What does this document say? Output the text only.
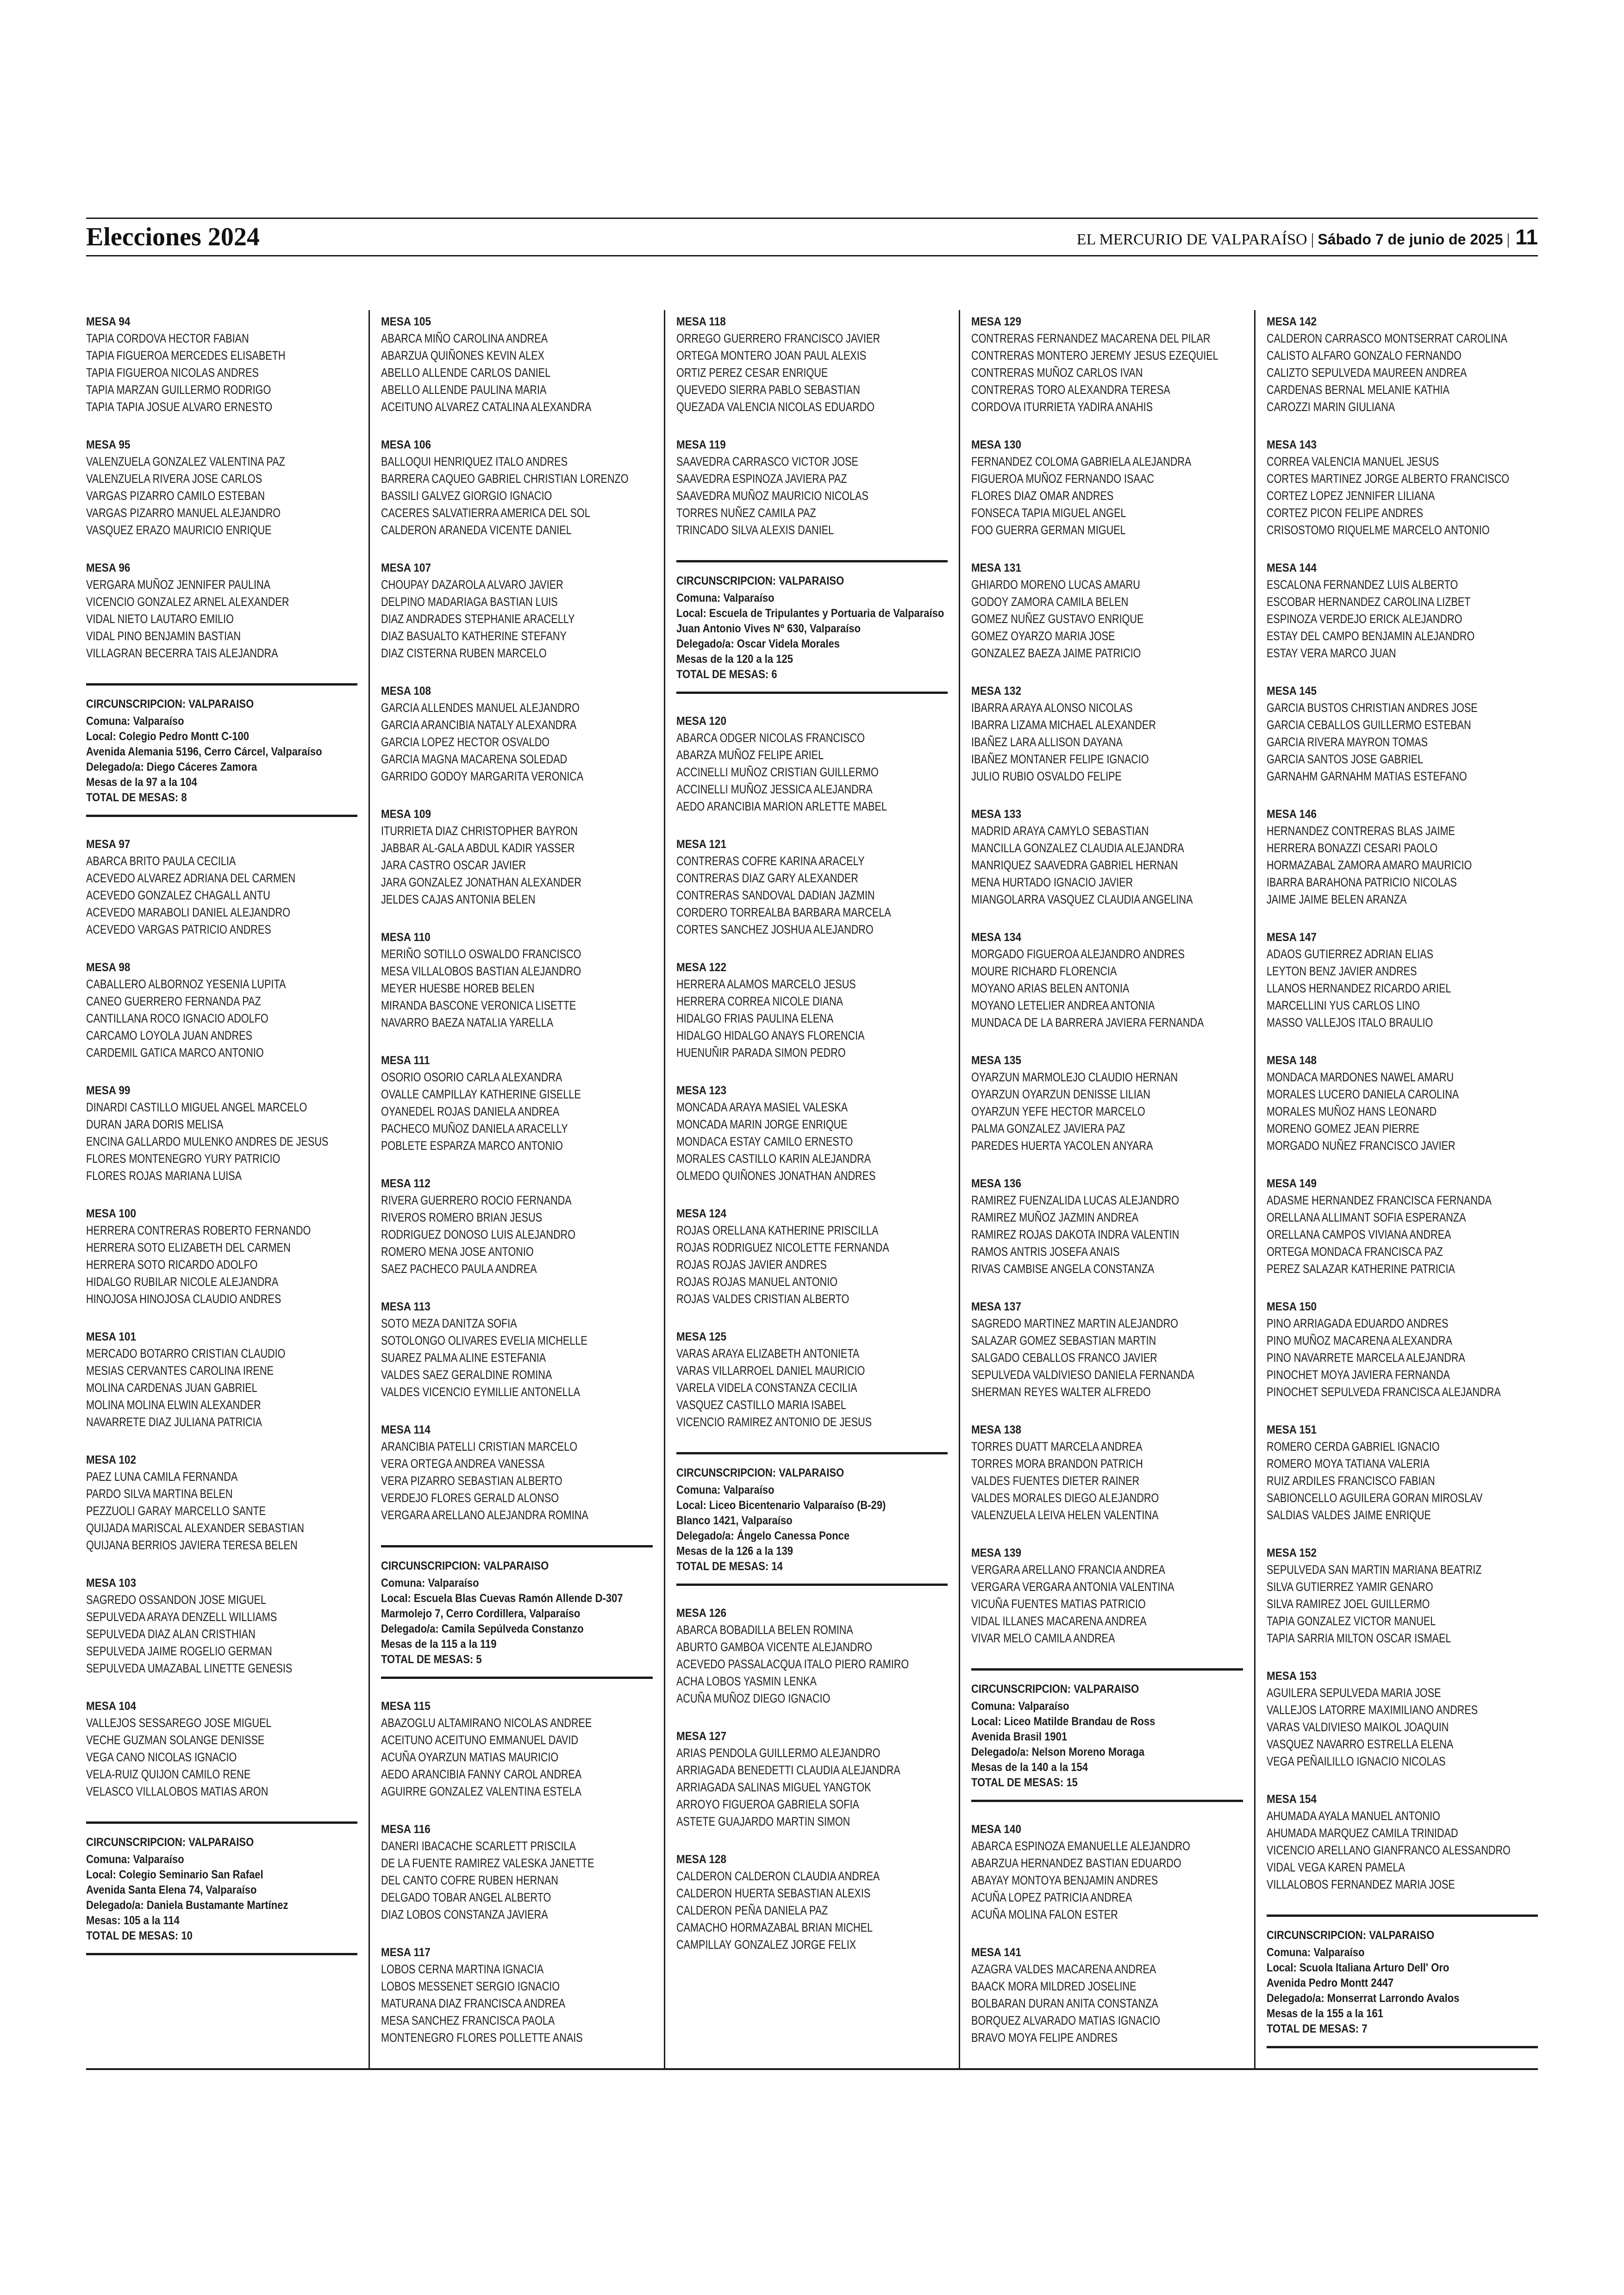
Elecciones 2024	EL MERCURIO DE VALPARAÍSO | Sábado 7 de junio de 2025 | 11
MESA 94
TAPIA CORDOVA HECTOR FABIAN
TAPIA FIGUEROA MERCEDES ELISABETH
TAPIA FIGUEROA NICOLAS ANDRES
TAPIA MARZAN GUILLERMO RODRIGO
TAPIA TAPIA JOSUE ALVARO ERNESTO
MESA 95
VALENZUELA GONZALEZ VALENTINA PAZ
VALENZUELA RIVERA JOSE CARLOS
VARGAS PIZARRO CAMILO ESTEBAN
VARGAS PIZARRO MANUEL ALEJANDRO
VASQUEZ ERAZO MAURICIO ENRIQUE
MESA 96
VERGARA MUÑOZ JENNIFER PAULINA
VICENCIO GONZALEZ ARNEL ALEXANDER
VIDAL NIETO LAUTARO EMILIO
VIDAL PINO BENJAMIN BASTIAN
VILLAGRAN BECERRA TAIS ALEJANDRA
CIRCUNSCRIPCION: VALPARAISO
Comuna: Valparaíso
Local: Colegio Pedro Montt C-100
Avenida Alemania 5196, Cerro Cárcel, Valparaíso
Delegado/a: Diego Cáceres Zamora
Mesas de la 97 a la 104
TOTAL DE MESAS: 8
MESA 97
ABARCA BRITO PAULA CECILIA
ACEVEDO ALVAREZ ADRIANA DEL CARMEN
ACEVEDO GONZALEZ CHAGALL ANTU
ACEVEDO MARABOLI DANIEL ALEJANDRO
ACEVEDO VARGAS PATRICIO ANDRES
MESA 98
CABALLERO ALBORNOZ YESENIA LUPITA
CANEO GUERRERO FERNANDA PAZ
CANTILLANA ROCO IGNACIO ADOLFO
CARCAMO LOYOLA JUAN ANDRES
CARDEMIL GATICA MARCO ANTONIO
MESA 99
DINARDI CASTILLO MIGUEL ANGEL MARCELO
DURAN JARA DORIS MELISA
ENCINA GALLARDO MULENKO ANDRES DE JESUS
FLORES MONTENEGRO YURY PATRICIO
FLORES ROJAS MARIANA LUISA
MESA 100
HERRERA CONTRERAS ROBERTO FERNANDO
HERRERA SOTO ELIZABETH DEL CARMEN
HERRERA SOTO RICARDO ADOLFO
HIDALGO RUBILAR NICOLE ALEJANDRA
HINOJOSA HINOJOSA CLAUDIO ANDRES
MESA 101
MERCADO BOTARRO CRISTIAN CLAUDIO
MESIAS CERVANTES CAROLINA IRENE
MOLINA CARDENAS JUAN GABRIEL
MOLINA MOLINA ELWIN ALEXANDER
NAVARRETE DIAZ JULIANA PATRICIA
MESA 102
PAEZ LUNA CAMILA FERNANDA
PARDO SILVA MARTINA BELEN
PEZZUOLI GARAY MARCELLO SANTE
QUIJADA MARISCAL ALEXANDER SEBASTIAN
QUIJANA BERRIOS JAVIERA TERESA BELEN
MESA 103
SAGREDO OSSANDON JOSE MIGUEL
SEPULVEDA ARAYA DENZELL WILLIAMS
SEPULVEDA DIAZ ALAN CRISTHIAN
SEPULVEDA JAIME ROGELIO GERMAN
SEPULVEDA UMAZABAL LINETTE GENESIS
MESA 104
VALLEJOS SESSAREGO JOSE MIGUEL
VECHE GUZMAN SOLANGE DENISSE
VEGA CANO NICOLAS IGNACIO
VELA-RUIZ QUIJON CAMILO RENE
VELASCO VILLALOBOS MATIAS ARON
CIRCUNSCRIPCION: VALPARAISO
Comuna: Valparaíso
Local: Colegio Seminario San Rafael
Avenida Santa Elena 74, Valparaíso
Delegado/a: Daniela Bustamante Martínez
Mesas: 105 a la 114
TOTAL DE MESAS: 10
MESA 105
ABARCA MIÑO CAROLINA ANDREA
ABARZUA QUIÑONES KEVIN ALEX
ABELLO ALLENDE CARLOS DANIEL
ABELLO ALLENDE PAULINA MARIA
ACEITUNO ALVAREZ CATALINA ALEXANDRA
MESA 106
BALLOQUI HENRIQUEZ ITALO ANDRES
BARRERA CAQUEO GABRIEL CHRISTIAN LORENZO
BASSILI GALVEZ GIORGIO IGNACIO
CACERES SALVATIERRA AMERICA DEL SOL
CALDERON ARANEDA VICENTE DANIEL
MESA 107
CHOUPAY DAZAROLA ALVARO JAVIER
DELPINO MADARIAGA BASTIAN LUIS
DIAZ ANDRADES STEPHANIE ARACELLY
DIAZ BASUALTO KATHERINE STEFANY
DIAZ CISTERNA RUBEN MARCELO
MESA 108
GARCIA ALLENDES MANUEL ALEJANDRO
GARCIA ARANCIBIA NATALY ALEXANDRA
GARCIA LOPEZ HECTOR OSVALDO
GARCIA MAGNA MACARENA SOLEDAD
GARRIDO GODOY MARGARITA VERONICA
MESA 109
ITURRIETA DIAZ CHRISTOPHER BAYRON
JABBAR AL-GALA ABDUL KADIR YASSER
JARA CASTRO OSCAR JAVIER
JARA GONZALEZ JONATHAN ALEXANDER
JELDES CAJAS ANTONIA BELEN
MESA 110
MERIÑO SOTILLO OSWALDO FRANCISCO
MESA VILLALOBOS BASTIAN ALEJANDRO
MEYER HUESBE HOREB BELEN
MIRANDA BASCONE VERONICA LISETTE
NAVARRO BAEZA NATALIA YARELLA
MESA 111
OSORIO OSORIO CARLA ALEXANDRA
OVALLE CAMPILLAY KATHERINE GISELLE
OYANEDEL ROJAS DANIELA ANDREA
PACHECO MUÑOZ DANIELA ARACELLY
POBLETE ESPARZA MARCO ANTONIO
MESA 112
RIVERA GUERRERO ROCIO FERNANDA
RIVEROS ROMERO BRIAN JESUS
RODRIGUEZ DONOSO LUIS ALEJANDRO
ROMERO MENA JOSE ANTONIO
SAEZ PACHECO PAULA ANDREA
MESA 113
SOTO MEZA DANITZA SOFIA
SOTOLONGO OLIVARES EVELIA MICHELLE
SUAREZ PALMA ALINE ESTEFANIA
VALDES SAEZ GERALDINE ROMINA
VALDES VICENCIO EYMILLIE ANTONELLA
MESA 114
ARANCIBIA PATELLI CRISTIAN MARCELO
VERA ORTEGA ANDREA VANESSA
VERA PIZARRO SEBASTIAN ALBERTO
VERDEJO FLORES GERALD ALONSO
VERGARA ARELLANO ALEJANDRA ROMINA
CIRCUNSCRIPCION: VALPARAISO
Comuna: Valparaíso
Local: Escuela Blas Cuevas Ramón Allende D-307
Marmolejo 7, Cerro Cordillera, Valparaíso
Delegado/a: Camila Sepúlveda Constanzo
Mesas de la 115 a la 119
TOTAL DE MESAS: 5
MESA 115
ABAZOGLU ALTAMIRANO NICOLAS ANDREE
ACEITUNO ACEITUNO EMMANUEL DAVID
ACUÑA OYARZUN MATIAS MAURICIO
AEDO ARANCIBIA FANNY CAROL ANDREA
AGUIRRE GONZALEZ VALENTINA ESTELA
MESA 116
DANERI IBACACHE SCARLETT PRISCILA
DE LA FUENTE RAMIREZ VALESKA JANETTE
DEL CANTO COFRE RUBEN HERNAN
DELGADO TOBAR ANGEL ALBERTO
DIAZ LOBOS CONSTANZA JAVIERA
MESA 117
LOBOS CERNA MARTINA IGNACIA
LOBOS MESSENET SERGIO IGNACIO
MATURANA DIAZ FRANCISCA ANDREA
MESA SANCHEZ FRANCISCA PAOLA
MONTENEGRO FLORES POLLETTE ANAIS
MESA 118
ORREGO GUERRERO FRANCISCO JAVIER
ORTEGA MONTERO JOAN PAUL ALEXIS
ORTIZ PEREZ CESAR ENRIQUE
QUEVEDO SIERRA PABLO SEBASTIAN
QUEZADA VALENCIA NICOLAS EDUARDO
MESA 119
SAAVEDRA CARRASCO VICTOR JOSE
SAAVEDRA ESPINOZA JAVIERA PAZ
SAAVEDRA MUÑOZ MAURICIO NICOLAS
TORRES NUÑEZ CAMILA PAZ
TRINCADO SILVA ALEXIS DANIEL
CIRCUNSCRIPCION: VALPARAISO
Comuna: Valparaíso
Local: Escuela de Tripulantes y Portuaria de Valparaíso
Juan Antonio Vives Nº 630, Valparaíso
Delegado/a: Oscar Videla Morales
Mesas de la 120 a la 125
TOTAL DE MESAS: 6
MESA 120
ABARCA ODGER NICOLAS FRANCISCO
ABARZA MUÑOZ FELIPE ARIEL
ACCINELLI MUÑOZ CRISTIAN GUILLERMO
ACCINELLI MUÑOZ JESSICA ALEJANDRA
AEDO ARANCIBIA MARION ARLETTE MABEL
MESA 121
CONTRERAS COFRE KARINA ARACELY
CONTRERAS DIAZ GARY ALEXANDER
CONTRERAS SANDOVAL DADIAN JAZMIN
CORDERO TORREALBA BARBARA MARCELA
CORTES SANCHEZ JOSHUA ALEJANDRO
MESA 122
HERRERA ALAMOS MARCELO JESUS
HERRERA CORREA NICOLE DIANA
HIDALGO FRIAS PAULINA ELENA
HIDALGO HIDALGO ANAYS FLORENCIA
HUENUÑIR PARADA SIMON PEDRO
MESA 123
MONCADA ARAYA MASIEL VALESKA
MONCADA MARIN JORGE ENRIQUE
MONDACA ESTAY CAMILO ERNESTO
MORALES CASTILLO KARIN ALEJANDRA
OLMEDO QUIÑONES JONATHAN ANDRES
MESA 124
ROJAS ORELLANA KATHERINE PRISCILLA
ROJAS RODRIGUEZ NICOLETTE FERNANDA
ROJAS ROJAS JAVIER ANDRES
ROJAS ROJAS MANUEL ANTONIO
ROJAS VALDES CRISTIAN ALBERTO
MESA 125
VARAS ARAYA ELIZABETH ANTONIETA
VARAS VILLARROEL DANIEL MAURICIO
VARELA VIDELA CONSTANZA CECILIA
VASQUEZ CASTILLO MARIA ISABEL
VICENCIO RAMIREZ ANTONIO DE JESUS
CIRCUNSCRIPCION: VALPARAISO
Comuna: Valparaíso
Local: Liceo Bicentenario Valparaíso (B-29)
Blanco 1421, Valparaíso
Delegado/a: Ángelo Canessa Ponce
Mesas de la 126 a la 139
TOTAL DE MESAS: 14
MESA 126
ABARCA BOBADILLA BELEN ROMINA
ABURTO GAMBOA VICENTE ALEJANDRO
ACEVEDO PASSALACQUA ITALO PIERO RAMIRO
ACHA LOBOS YASMIN LENKA
ACUÑA MUÑOZ DIEGO IGNACIO
MESA 127
ARIAS PENDOLA GUILLERMO ALEJANDRO
ARRIAGADA BENEDETTI CLAUDIA ALEJANDRA
ARRIAGADA SALINAS MIGUEL YANGTOK
ARROYO FIGUEROA GABRIELA SOFIA
ASTETE GUAJARDO MARTIN SIMON
MESA 128
CALDERON CALDERON CLAUDIA ANDREA
CALDERON HUERTA SEBASTIAN ALEXIS
CALDERON PEÑA DANIELA PAZ
CAMACHO HORMAZABAL BRIAN MICHEL
CAMPILLAY GONZALEZ JORGE FELIX
MESA 129
CONTRERAS FERNANDEZ MACARENA DEL PILAR
CONTRERAS MONTERO JEREMY JESUS EZEQUIEL
CONTRERAS MUÑOZ CARLOS IVAN
CONTRERAS TORO ALEXANDRA TERESA
CORDOVA ITURRIETA YADIRA ANAHIS
MESA 130
FERNANDEZ COLOMA GABRIELA ALEJANDRA
FIGUEROA MUÑOZ FERNANDO ISAAC
FLORES DIAZ OMAR ANDRES
FONSECA TAPIA MIGUEL ANGEL
FOO GUERRA GERMAN MIGUEL
MESA 131
GHIARDO MORENO LUCAS AMARU
GODOY ZAMORA CAMILA BELEN
GOMEZ NUÑEZ GUSTAVO ENRIQUE
GOMEZ OYARZO MARIA JOSE
GONZALEZ BAEZA JAIME PATRICIO
MESA 132
IBARRA ARAYA ALONSO NICOLAS
IBARRA LIZAMA MICHAEL ALEXANDER
IBAÑEZ LARA ALLISON DAYANA
IBAÑEZ MONTANER FELIPE IGNACIO
JULIO RUBIO OSVALDO FELIPE
MESA 133
MADRID ARAYA CAMYLO SEBASTIAN
MANCILLA GONZALEZ CLAUDIA ALEJANDRA
MANRIQUEZ SAAVEDRA GABRIEL HERNAN
MENA HURTADO IGNACIO JAVIER
MIANGOLARRA VASQUEZ CLAUDIA ANGELINA
MESA 134
MORGADO FIGUEROA ALEJANDRO ANDRES
MOURE RICHARD FLORENCIA
MOYANO ARIAS BELEN ANTONIA
MOYANO LETELIER ANDREA ANTONIA
MUNDACA DE LA BARRERA JAVIERA FERNANDA
MESA 135
OYARZUN MARMOLEJO CLAUDIO HERNAN
OYARZUN OYARZUN DENISSE LILIAN
OYARZUN YEFE HECTOR MARCELO
PALMA GONZALEZ JAVIERA PAZ
PAREDES HUERTA YACOLEN ANYARA
MESA 136
RAMIREZ FUENZALIDA LUCAS ALEJANDRO
RAMIREZ MUÑOZ JAZMIN ANDREA
RAMIREZ ROJAS DAKOTA INDRA VALENTIN
RAMOS ANTRIS JOSEFA ANAIS
RIVAS CAMBISE ANGELA CONSTANZA
MESA 137
SAGREDO MARTINEZ MARTIN ALEJANDRO
SALAZAR GOMEZ SEBASTIAN MARTIN
SALGADO CEBALLOS FRANCO JAVIER
SEPULVEDA VALDIVIESO DANIELA FERNANDA
SHERMAN REYES WALTER ALFREDO
MESA 138
TORRES DUATT MARCELA ANDREA
TORRES MORA BRANDON PATRICH
VALDES FUENTES DIETER RAINER
VALDES MORALES DIEGO ALEJANDRO
VALENZUELA LEIVA HELEN VALENTINA
MESA 139
VERGARA ARELLANO FRANCIA ANDREA
VERGARA VERGARA ANTONIA VALENTINA
VICUÑA FUENTES MATIAS PATRICIO
VIDAL ILLANES MACARENA ANDREA
VIVAR MELO CAMILA ANDREA
CIRCUNSCRIPCION: VALPARAISO
Comuna: Valparaíso
Local: Liceo Matilde Brandau de Ross
Avenida Brasil 1901
Delegado/a: Nelson Moreno Moraga
Mesas de la 140 a la 154
TOTAL DE MESAS: 15
MESA 140
ABARCA ESPINOZA EMANUELLE ALEJANDRO
ABARZUA HERNANDEZ BASTIAN EDUARDO
ABAYAY MONTOYA BENJAMIN ANDRES
ACUÑA LOPEZ PATRICIA ANDREA
ACUÑA MOLINA FALON ESTER
MESA 141
AZAGRA VALDES MACARENA ANDREA
BAACK MORA MILDRED JOSELINE
BOLBARAN DURAN ANITA CONSTANZA
BORQUEZ ALVARADO MATIAS IGNACIO
BRAVO MOYA FELIPE ANDRES
MESA 142
CALDERON CARRASCO MONTSERRAT CAROLINA
CALISTO ALFARO GONZALO FERNANDO
CALIZTO SEPULVEDA MAUREEN ANDREA
CARDENAS BERNAL MELANIE KATHIA
CAROZZI MARIN GIULIANA
MESA 143
CORREA VALENCIA MANUEL JESUS
CORTES MARTINEZ JORGE ALBERTO FRANCISCO
CORTEZ LOPEZ JENNIFER LILIANA
CORTEZ PICON FELIPE ANDRES
CRISOSTOMO RIQUELME MARCELO ANTONIO
MESA 144
ESCALONA FERNANDEZ LUIS ALBERTO
ESCOBAR HERNANDEZ CAROLINA LIZBET
ESPINOZA VERDEJO ERICK ALEJANDRO
ESTAY DEL CAMPO BENJAMIN ALEJANDRO
ESTAY VERA MARCO JUAN
MESA 145
GARCIA BUSTOS CHRISTIAN ANDRES JOSE
GARCIA CEBALLOS GUILLERMO ESTEBAN
GARCIA RIVERA MAYRON TOMAS
GARCIA SANTOS JOSE GABRIEL
GARNAHM GARNAHM MATIAS ESTEFANO
MESA 146
HERNANDEZ CONTRERAS BLAS JAIME
HERRERA BONAZZI CESARI PAOLO
HORMAZABAL ZAMORA AMARO MAURICIO
IBARRA BARAHONA PATRICIO NICOLAS
JAIME JAIME BELEN ARANZA
MESA 147
ADAOS GUTIERREZ ADRIAN ELIAS
LEYTON BENZ JAVIER ANDRES
LLANOS HERNANDEZ RICARDO ARIEL
MARCELLINI YUS CARLOS LINO
MASSO VALLEJOS ITALO BRAULIO
MESA 148
MONDACA MARDONES NAWEL AMARU
MORALES LUCERO DANIELA CAROLINA
MORALES MUÑOZ HANS LEONARD
MORENO GOMEZ JEAN PIERRE
MORGADO NUÑEZ FRANCISCO JAVIER
MESA 149
ADASME HERNANDEZ FRANCISCA FERNANDA
ORELLANA ALLIMANT SOFIA ESPERANZA
ORELLANA CAMPOS VIVIANA ANDREA
ORTEGA MONDACA FRANCISCA PAZ
PEREZ SALAZAR KATHERINE PATRICIA
MESA 150
PINO ARRIAGADA EDUARDO ANDRES
PINO MUÑOZ MACARENA ALEXANDRA
PINO NAVARRETE MARCELA ALEJANDRA
PINOCHET MOYA JAVIERA FERNANDA
PINOCHET SEPULVEDA FRANCISCA ALEJANDRA
MESA 151
ROMERO CERDA GABRIEL IGNACIO
ROMERO MOYA TATIANA VALERIA
RUIZ ARDILES FRANCISCO FABIAN
SABIONCELLO AGUILERA GORAN MIROSLAV
SALDIAS VALDES JAIME ENRIQUE
MESA 152
SEPULVEDA SAN MARTIN MARIANA BEATRIZ
SILVA GUTIERREZ YAMIR GENARO
SILVA RAMIREZ JOEL GUILLERMO
TAPIA GONZALEZ VICTOR MANUEL
TAPIA SARRIA MILTON OSCAR ISMAEL
MESA 153
AGUILERA SEPULVEDA MARIA JOSE
VALLEJOS LATORRE MAXIMILIANO ANDRES
VARAS VALDIVIESO MAIKOL JOAQUIN
VASQUEZ NAVARRO ESTRELLA ELENA
VEGA PEÑAILILLO IGNACIO NICOLAS
MESA 154
AHUMADA AYALA MANUEL ANTONIO
AHUMADA MARQUEZ CAMILA TRINIDAD
VICENCIO ARELLANO GIANFRANCO ALESSANDRO
VIDAL VEGA KAREN PAMELA
VILLALOBOS FERNANDEZ MARIA JOSE
CIRCUNSCRIPCION: VALPARAISO
Comuna: Valparaíso
Local: Scuola Italiana Arturo Dell' Oro
Avenida Pedro Montt 2447
Delegado/a: Monserrat Larrondo Avalos
Mesas de la 155 a la 161
TOTAL DE MESAS: 7
